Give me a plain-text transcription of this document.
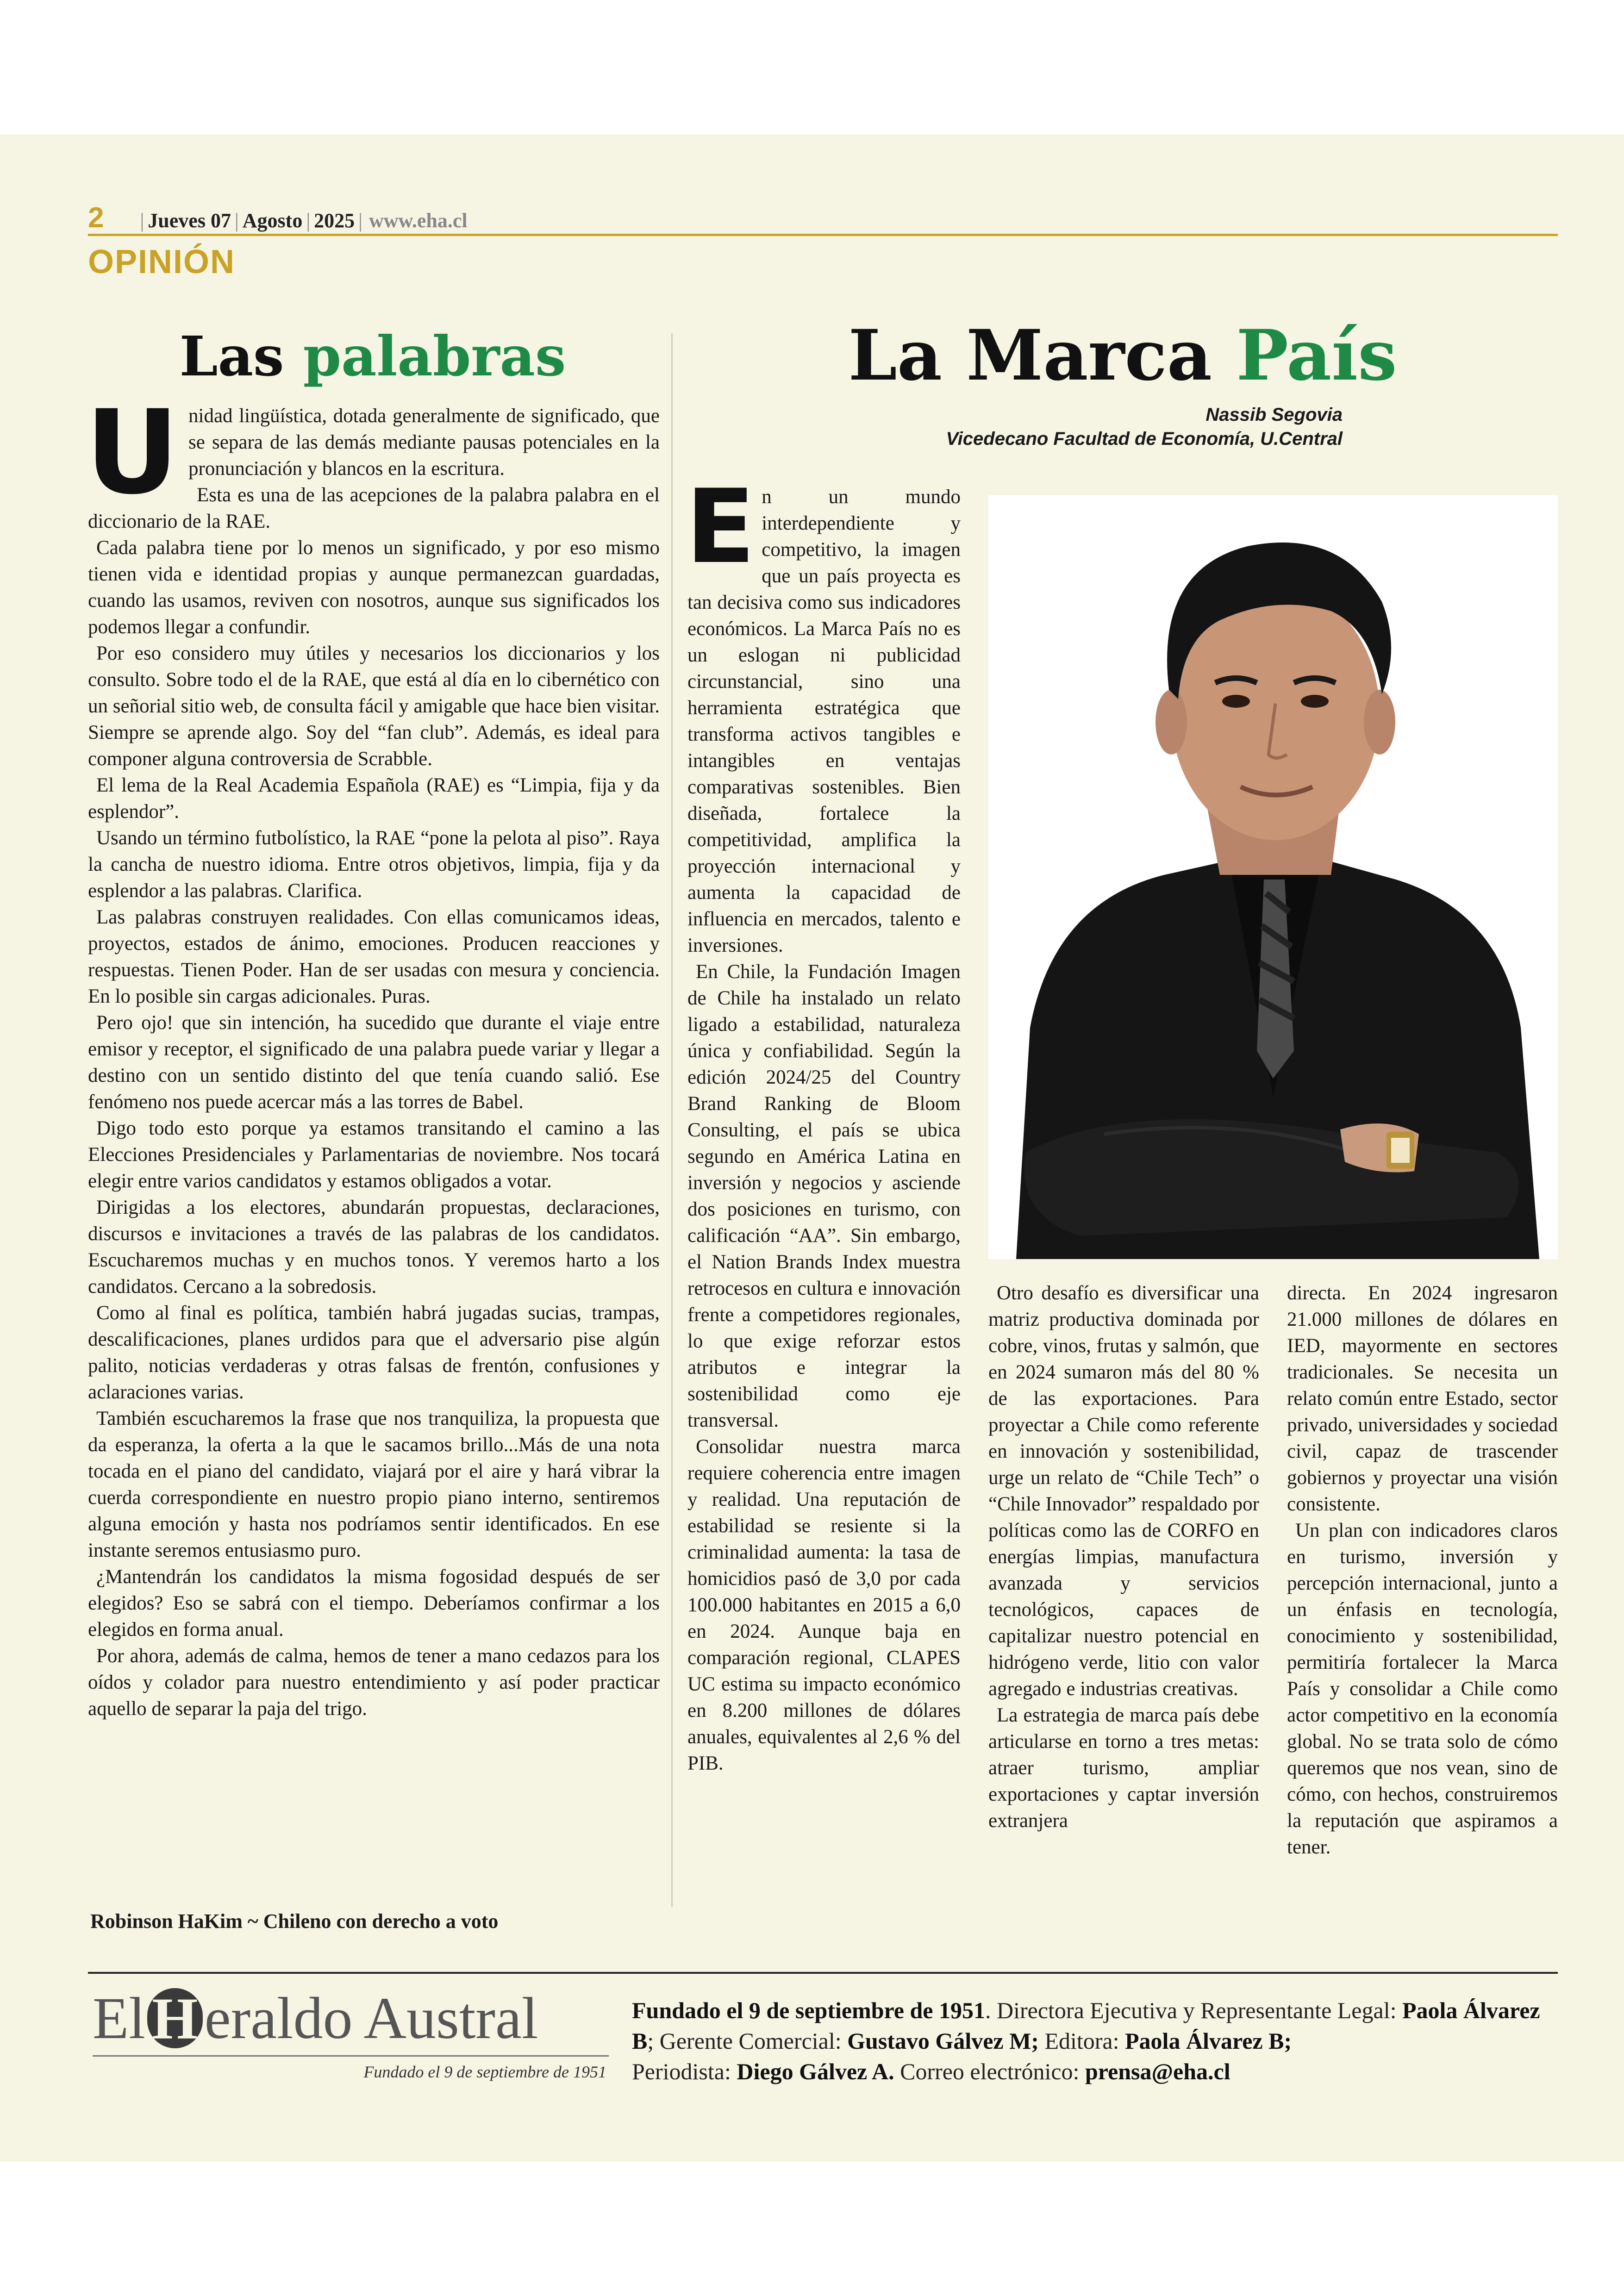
2 | Jueves 07 | Agosto | 2025 | www.eha.cl
OPINIÓN
Las palabras

Unidad lingüística, dotada generalmente de significado, que se separa de las demás mediante pausas potenciales en la pronunciación y blancos en la escritura.

Esta es una de las acepciones de la palabra palabra en el diccionario de la RAE.

Cada palabra tiene por lo menos un significado, y por eso mismo tienen vida e identidad propias y aunque permanezcan guardadas, cuando las usamos, reviven con nosotros, aunque sus significados los podemos llegar a confundir.

Por eso considero muy útiles y necesarios los diccionarios y los consulto. Sobre todo el de la RAE, que está al día en lo cibernético con un señorial sitio web, de consulta fácil y amigable que hace bien visitar. Siempre se aprende algo. Soy del “fan club”. Además, es ideal para componer alguna controversia de Scrabble.

El lema de la Real Academia Española (RAE) es “Limpia, fija y da esplendor”.

Usando un término futbolístico, la RAE “pone la pelota al piso”. Raya la cancha de nuestro idioma. Entre otros objetivos, limpia, fija y da esplendor a las palabras. Clarifica.

Las palabras construyen realidades. Con ellas comunicamos ideas, proyectos, estados de ánimo, emociones. Producen reacciones y respuestas. Tienen Poder. Han de ser usadas con mesura y conciencia. En lo posible sin cargas adicionales. Puras.

Pero ojo! que sin intención, ha sucedido que durante el viaje entre emisor y receptor, el significado de una palabra puede variar y llegar a destino con un sentido distinto del que tenía cuando salió. Ese fenómeno nos puede acercar más a las torres de Babel.

Digo todo esto porque ya estamos transitando el camino a las Elecciones Presidenciales y Parlamentarias de noviembre. Nos tocará elegir entre varios candidatos y estamos obligados a votar.

Dirigidas a los electores, abundarán propuestas, declaraciones, discursos e invitaciones a través de las palabras de los candidatos. Escucharemos muchas y en muchos tonos. Y veremos harto a los candidatos. Cercano a la sobredosis.

Como al final es política, también habrá jugadas sucias, trampas, descalificaciones, planes urdidos para que el adversario pise algún palito, noticias verdaderas y otras falsas de frentón, confusiones y aclaraciones varias.

También escucharemos la frase que nos tranquiliza, la propuesta que da esperanza, la oferta a la que le sacamos brillo...Más de una nota tocada en el piano del candidato, viajará por el aire y hará vibrar la cuerda correspondiente en nuestro propio piano interno, sentiremos alguna emoción y hasta nos podríamos sentir identificados. En ese instante seremos entusiasmo puro.

¿Mantendrán los candidatos la misma fogosidad después de ser elegidos? Eso se sabrá con el tiempo. Deberíamos confirmar a los elegidos en forma anual.

Por ahora, además de calma, hemos de tener a mano cedazos para los oídos y colador para nuestro entendimiento y así poder practicar aquello de separar la paja del trigo.

Robinson HaKim ~ Chileno con derecho a voto
La Marca País
Nassib Segovia
Vicedecano Facultad de Economía, U.Central

En un mundo interdependiente y competitivo, la imagen que un país proyecta es tan decisiva como sus indicadores económicos. La Marca País no es un eslogan ni publicidad circunstancial, sino una herramienta estratégica que transforma activos tangibles e intangibles en ventajas comparativas sostenibles. Bien diseñada, fortalece la competitividad, amplifica la proyección internacional y aumenta la capacidad de influencia en mercados, talento e inversiones.

En Chile, la Fundación Imagen de Chile ha instalado un relato ligado a estabilidad, naturaleza única y confiabilidad. Según la edición 2024/25 del Country Brand Ranking de Bloom Consulting, el país se ubica segundo en América Latina en inversión y negocios y asciende dos posiciones en turismo, con calificación “AA”. Sin embargo, el Nation Brands Index muestra retrocesos en cultura e innovación frente a competidores regionales, lo que exige reforzar estos atributos e integrar la sostenibilidad como eje transversal.

Consolidar nuestra marca requiere coherencia entre imagen y realidad. Una reputación de estabilidad se resiente si la criminalidad aumenta: la tasa de homicidios pasó de 3,0 por cada 100.000 habitantes en 2015 a 6,0 en 2024. Aunque baja en comparación regional, CLAPES UC estima su impacto económico en 8.200 millones de dólares anuales, equivalentes al 2,6 % del PIB.

Otro desafío es diversificar una matriz productiva dominada por cobre, vinos, frutas y salmón, que en 2024 sumaron más del 80 % de las exportaciones. Para proyectar a Chile como referente en innovación y sostenibilidad, urge un relato de “Chile Tech” o “Chile Innovador” respaldado por políticas como las de CORFO en energías limpias, manufactura avanzada y servicios tecnológicos, capaces de capitalizar nuestro potencial en hidrógeno verde, litio con valor agregado e industrias creativas.

La estrategia de marca país debe articularse en torno a tres metas: atraer turismo, ampliar exportaciones y captar inversión extranjera

directa. En 2024 ingresaron 21.000 millones de dólares en IED, mayormente en sectores tradicionales. Se necesita un relato común entre Estado, sector privado, universidades y sociedad civil, capaz de trascender gobiernos y proyectar una visión consistente.

Un plan con indicadores claros en turismo, inversión y percepción internacional, junto a un énfasis en tecnología, conocimiento y sostenibilidad, permitiría fortalecer la Marca País y consolidar a Chile como actor competitivo en la economía global. No se trata solo de cómo queremos que nos vean, sino de cómo, con hechos, construiremos la reputación que aspiramos a tener.

El H eraldo Austral
Fundado el 9 de septiembre de 1951
Fundado el 9 de septiembre de 1951. Directora Ejecutiva y Representante Legal: Paola Álvarez B; Gerente Comercial: Gustavo Gálvez M; Editora: Paola Álvarez B;
Periodista: Diego Gálvez A. Correo electrónico: prensa@eha.cl
